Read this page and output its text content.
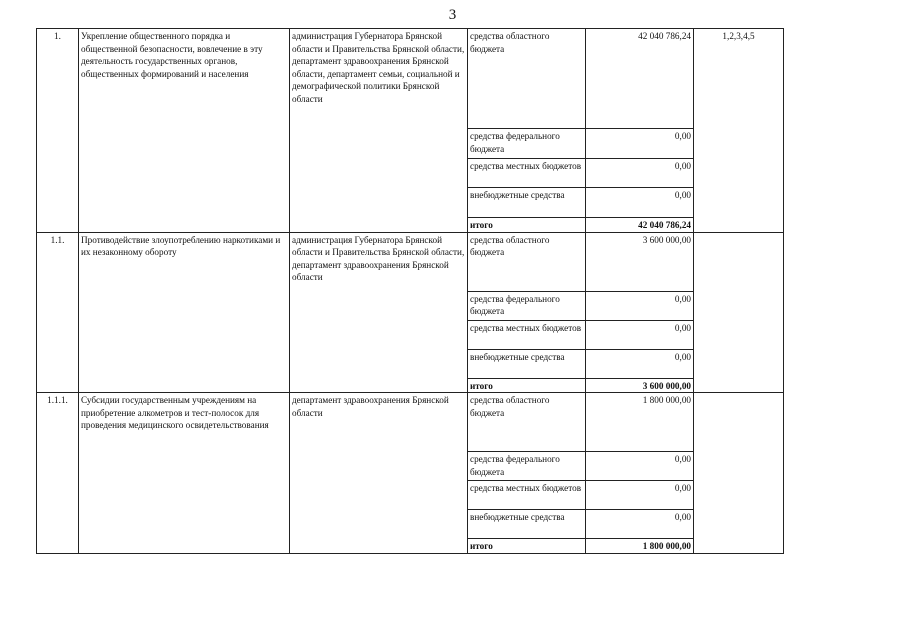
3
1.	Укрепление общественного порядка и общественной безопасности, вовлечение в эту деятельность государственных органов, общественных формирований и населения	администрация Губернатора Брянской области и Правительства Брянской области, департамент здравоохранения Брянской области, департамент семьи, социальной и демографической политики Брянской области	средства областного бюджета	42 040 786,24	1,2,3,4,5
			средства федерального бюджета	0,00	
			средства местных бюджетов	0,00	
			внебюджетные средства	0,00	
			итого	42 040 786,24	
1.1.	Противодействие злоупотреблению наркотиками и их незаконному обороту	администрация Губернатора Брянской области и Правительства Брянской области, департамент здравоохранения Брянской области	средства областного бюджета	3 600 000,00	
			средства федерального бюджета	0,00	
			средства местных бюджетов	0,00	
			внебюджетные средства	0,00	
			итого	3 600 000,00	
1.1.1.	Субсидии государственным учреждениям на приобретение алкометров и тест-полосок для проведения медицинского освидетельствования	департамент здравоохранения Брянской области	средства областного бюджета	1 800 000,00	
			средства федерального бюджета	0,00	
			средства местных бюджетов	0,00	
			внебюджетные средства	0,00	
			итого	1 800 000,00	
